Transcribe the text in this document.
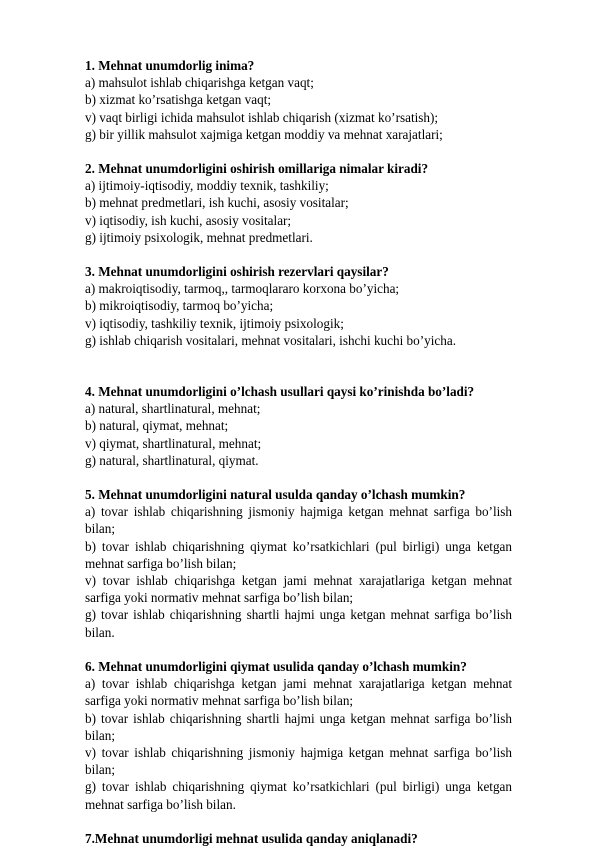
1. Mehnat unumdorlig inima?

a) mahsulot ishlab chiqarishga ketgan vaqt;

b) xizmat ko’rsatishga ketgan vaqt;

v) vaqt birligi ichida mahsulot ishlab chiqarish (xizmat ko’rsatish);

g) bir yillik mahsulot xajmiga ketgan moddiy va mehnat xarajatlari;

2. Mehnat unumdorligini oshirish omillariga nimalar kiradi?

a) ijtimoiy-iqtisodiy, moddiy texnik, tashkiliy;

b) mehnat predmetlari, ish kuchi, asosiy vositalar;

v) iqtisodiy, ish kuchi, asosiy vositalar;

g) ijtimoiy psixologik, mehnat predmetlari.

3. Mehnat unumdorligini oshirish rezervlari qaysilar?

a) makroiqtisodiy, tarmoq,, tarmoqlararo korxona bo’yicha;

b) mikroiqtisodiy, tarmoq bo’yicha;

v) iqtisodiy, tashkiliy texnik, ijtimoiy psixologik;

g) ishlab chiqarish vositalari, mehnat vositalari, ishchi kuchi bo’yicha.

4. Mehnat unumdorligini o’lchash usullari qaysi ko’rinishda bo’ladi?

a) natural, shartlinatural, mehnat;

b) natural, qiymat, mehnat;

v) qiymat, shartlinatural, mehnat;

g) natural, shartlinatural, qiymat.

5. Mehnat unumdorligini natural usulda qanday o’lchash mumkin?

a) tovar ishlab chiqarishning jismoniy hajmiga ketgan mehnat sarfiga bo’lish bilan;

b) tovar ishlab chiqarishning qiymat ko’rsatkichlari (pul birligi) unga ketgan mehnat sarfiga bo’lish bilan;

v) tovar ishlab chiqarishga ketgan jami mehnat xarajatlariga ketgan mehnat sarfiga yoki normativ mehnat sarfiga bo’lish bilan;

g) tovar ishlab chiqarishning shartli hajmi unga ketgan mehnat sarfiga bo’lish bilan.

6. Mehnat unumdorligini qiymat usulida qanday o’lchash mumkin?

a) tovar ishlab chiqarishga ketgan jami mehnat xarajatlariga ketgan mehnat sarfiga yoki normativ mehnat sarfiga bo’lish bilan;

b) tovar ishlab chiqarishning shartli hajmi unga ketgan mehnat sarfiga bo’lish bilan;

v) tovar ishlab chiqarishning jismoniy hajmiga ketgan mehnat sarfiga bo’lish bilan;

g) tovar ishlab chiqarishning qiymat ko’rsatkichlari (pul birligi) unga ketgan mehnat sarfiga bo’lish bilan.

7.Mehnat unumdorligi mehnat usulida qanday aniqlanadi?
